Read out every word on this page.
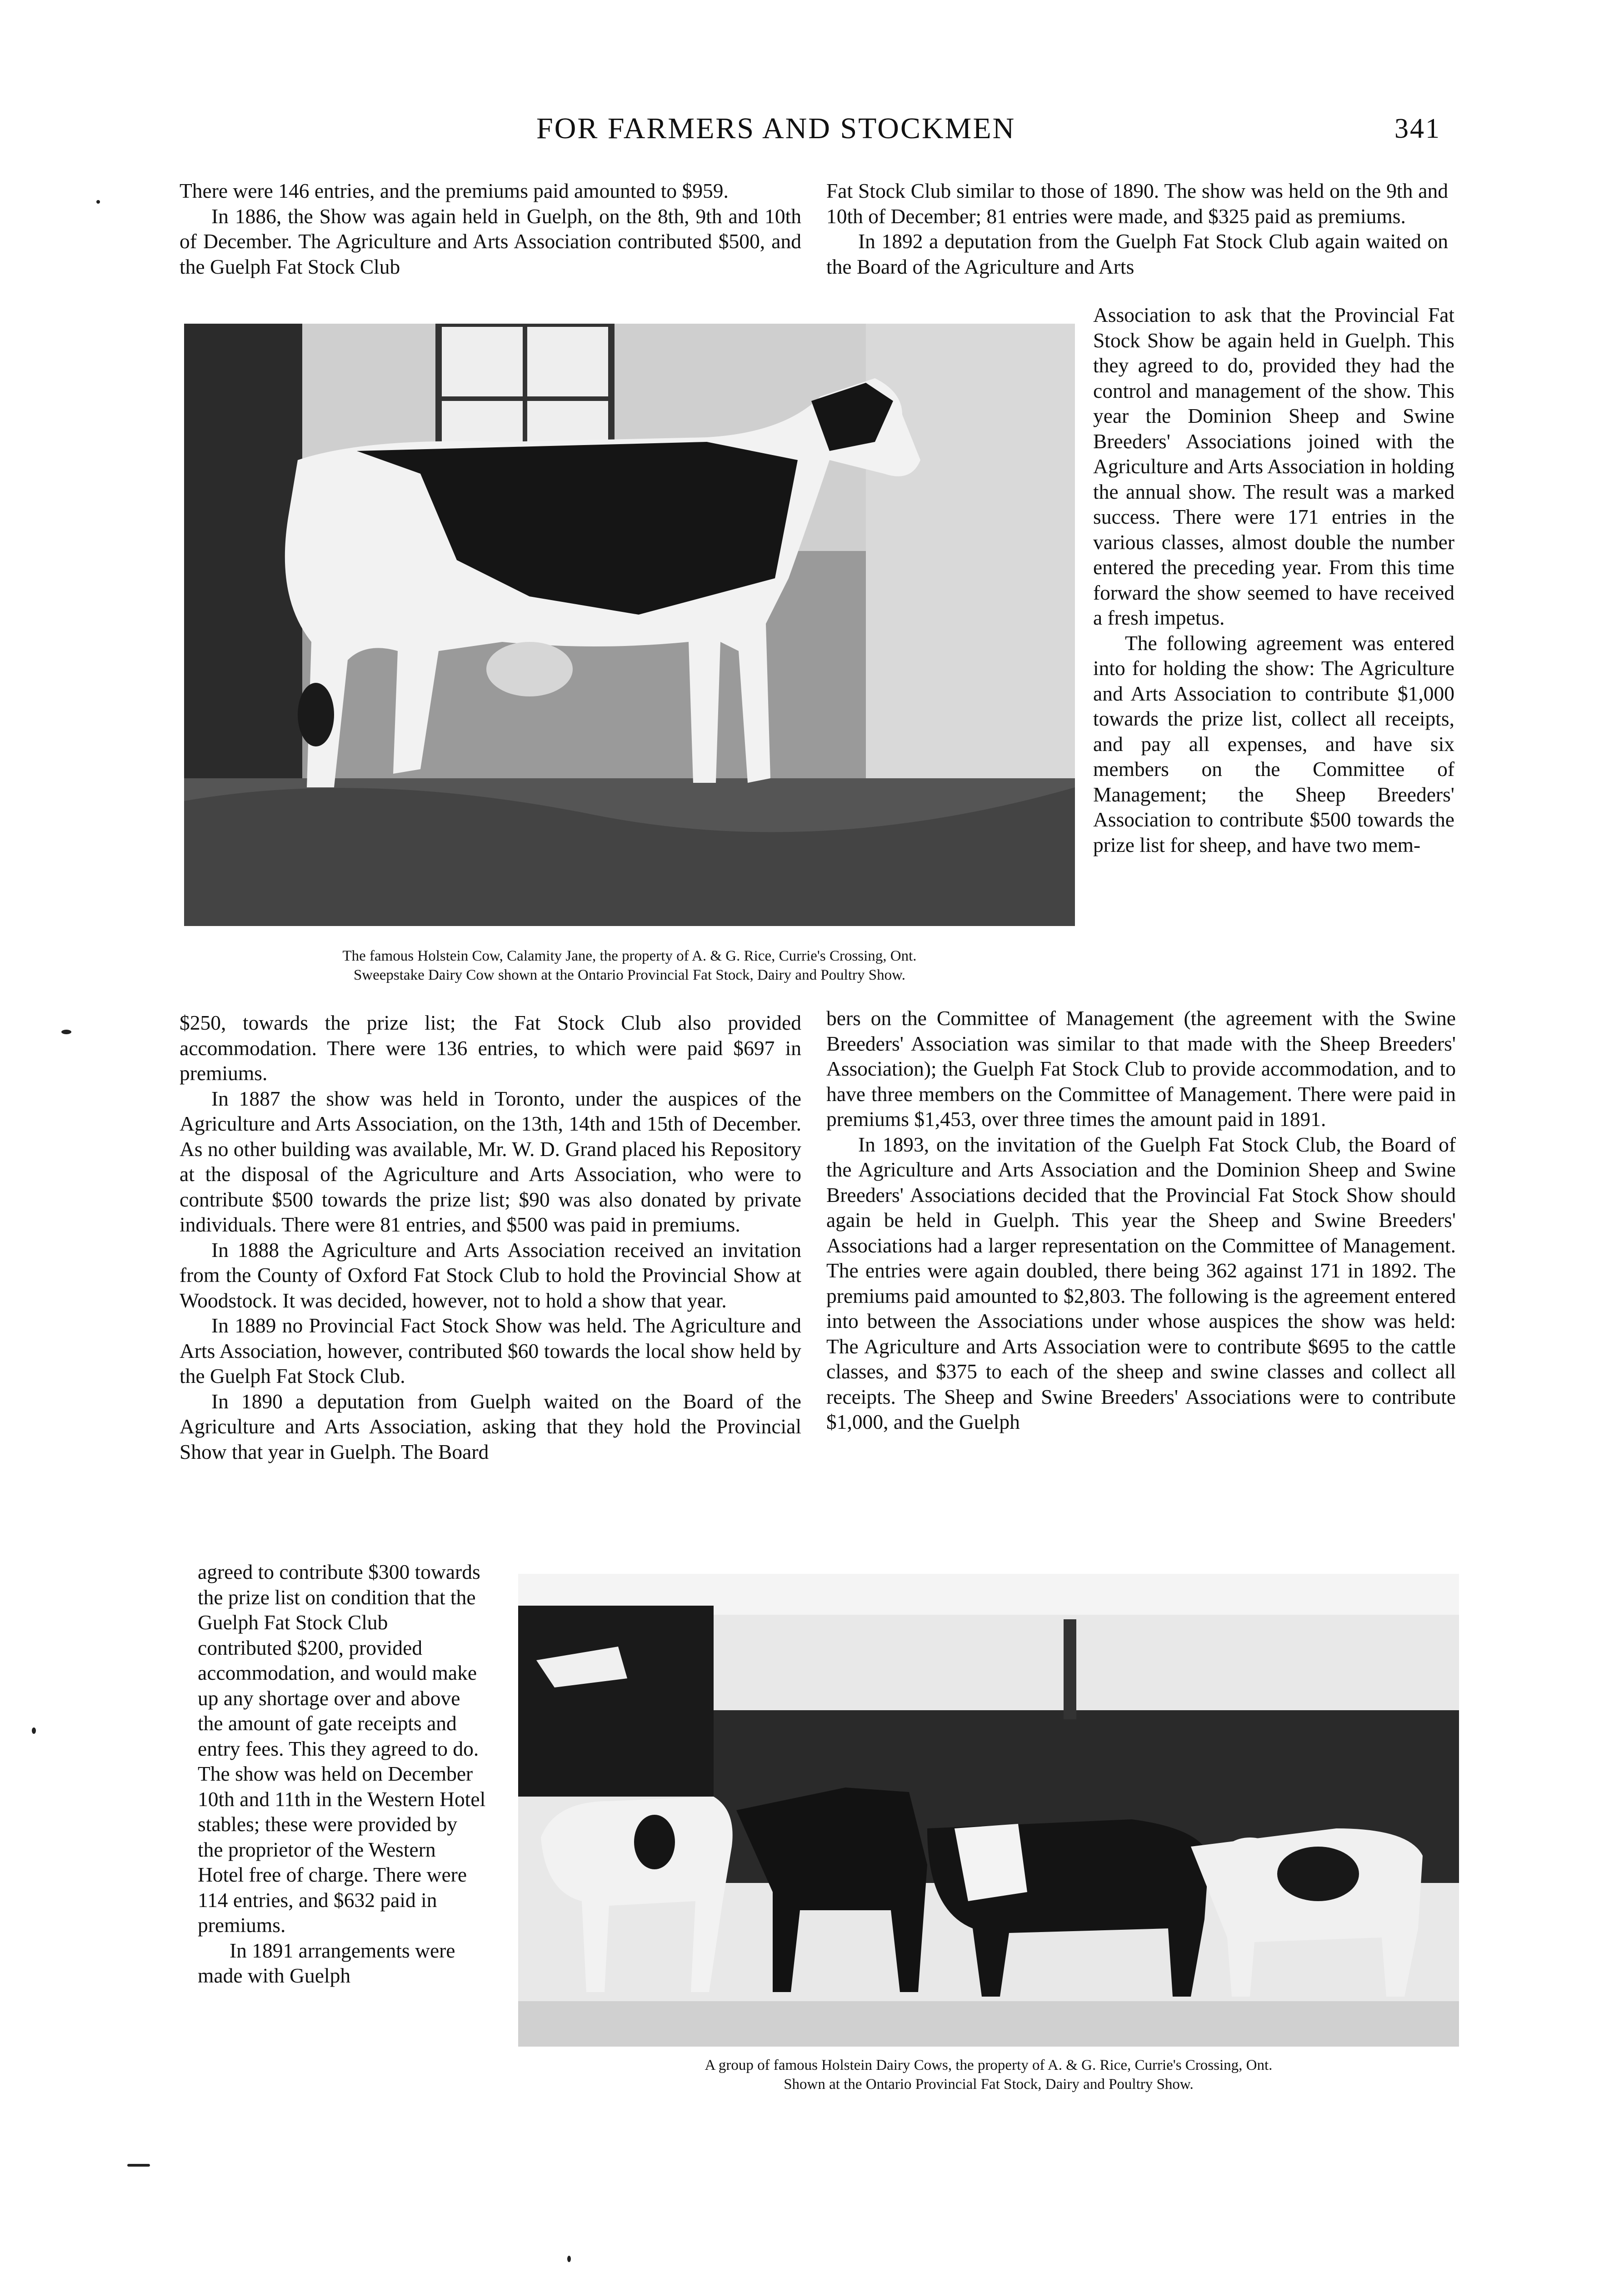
FOR FARMERS AND STOCKMEN	341

There were 146 entries, and the premiums paid amounted to $959.

In 1886, the Show was again held in Guelph, on the 8th, 9th and 10th of December. The Agriculture and Arts Association contributed $500, and the Guelph Fat Stock Club

Fat Stock Club similar to those of 1890. The show was held on the 9th and 10th of December; 81 entries were made, and $325 paid as premiums.

In 1892 a deputation from the Guelph Fat Stock Club again waited on the Board of the Agriculture and Arts

Association to ask that the Provincial Fat Stock Show be again held in Guelph. This they agreed to do, provided they had the control and management of the show. This year the Dominion Sheep and Swine Breeders' Associations joined with the Agriculture and Arts Association in holding the annual show. The result was a marked success. There were 171 entries in the various classes, almost double the number entered the preceding year. From this time forward the show seemed to have received a fresh impetus.

The following agreement was entered into for holding the show: The Agriculture and Arts Association to contribute $1,000 towards the prize list, collect all receipts, and pay all expenses, and have six members on the Committee of Management; the Sheep Breeders' Association to contribute $500 towards the prize list for sheep, and have two mem-

The famous Holstein Cow, Calamity Jane, the property of A. & G. Rice, Currie's Crossing, Ont.
Sweepstake Dairy Cow shown at the Ontario Provincial Fat Stock, Dairy and Poultry Show.

$250, towards the prize list; the Fat Stock Club also provided accommodation. There were 136 entries, to which were paid $697 in premiums.

In 1887 the show was held in Toronto, under the auspices of the Agriculture and Arts Association, on the 13th, 14th and 15th of December. As no other building was available, Mr. W. D. Grand placed his Repository at the disposal of the Agriculture and Arts Association, who were to contribute $500 towards the prize list; $90 was also donated by private individuals. There were 81 entries, and $500 was paid in premiums.

In 1888 the Agriculture and Arts Association received an invitation from the County of Oxford Fat Stock Club to hold the Provincial Show at Woodstock. It was decided, however, not to hold a show that year.

In 1889 no Provincial Fact Stock Show was held. The Agriculture and Arts Association, however, contributed $60 towards the local show held by the Guelph Fat Stock Club.

In 1890 a deputation from Guelph waited on the Board of the Agriculture and Arts Association, asking that they hold the Provincial Show that year in Guelph. The Board

bers on the Committee of Management (the agreement with the Swine Breeders' Association was similar to that made with the Sheep Breeders' Association); the Guelph Fat Stock Club to provide accommodation, and to have three members on the Committee of Management. There were paid in premiums $1,453, over three times the amount paid in 1891.

In 1893, on the invitation of the Guelph Fat Stock Club, the Board of the Agriculture and Arts Association and the Dominion Sheep and Swine Breeders' Associations decided that the Provincial Fat Stock Show should again be held in Guelph. This year the Sheep and Swine Breeders' Associations had a larger representation on the Committee of Management. The entries were again doubled, there being 362 against 171 in 1892. The premiums paid amounted to $2,803. The following is the agreement entered into between the Associations under whose auspices the show was held: The Agriculture and Arts Association were to contribute $695 to the cattle classes, and $375 to each of the sheep and swine classes and collect all receipts. The Sheep and Swine Breeders' Associations were to contribute $1,000, and the Guelph

agreed to contribute $300 towards the prize list on condition that the Guelph Fat Stock Club contributed $200, provided accommodation, and would make up any shortage over and above the amount of gate receipts and entry fees. This they agreed to do. The show was held on December 10th and 11th in the Western Hotel stables; these were provided by the proprietor of the Western Hotel free of charge. There were 114 entries, and $632 paid in premiums.

In 1891 arrangements were made with Guelph

A group of famous Holstein Dairy Cows, the property of A. & G. Rice, Currie's Crossing, Ont.
Shown at the Ontario Provincial Fat Stock, Dairy and Poultry Show.
